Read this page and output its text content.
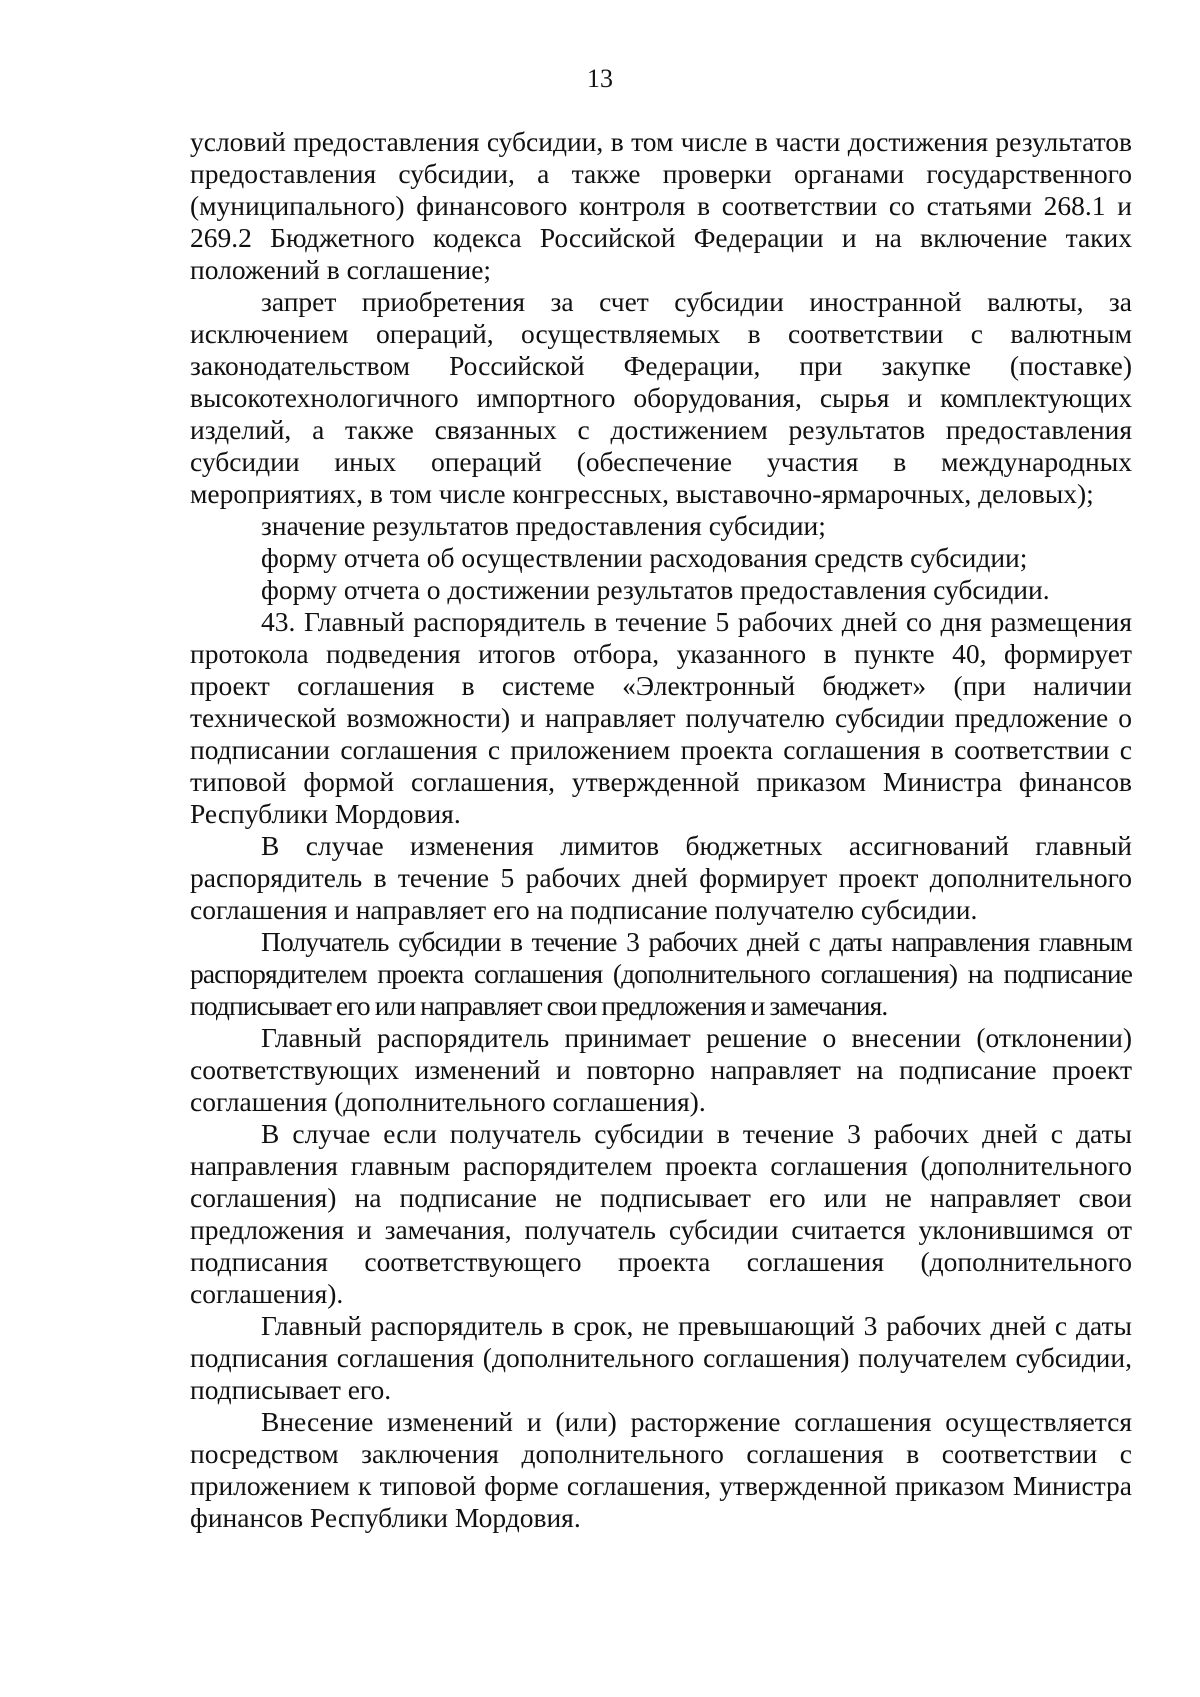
13

условий предоставления субсидии, в том числе в части достижения результатов предоставления субсидии, а также проверки органами государственного (муниципального) финансового контроля в соответствии со статьями 268.1 и 269.2 Бюджетного кодекса Российской Федерации и на включение таких положений в соглашение;

запрет приобретения за счет субсидии иностранной валюты, за исключением операций, осуществляемых в соответствии с валютным законодательством Российской Федерации, при закупке (поставке) высокотехнологичного импортного оборудования, сырья и комплектующих изделий, а также связанных с достижением результатов предоставления субсидии иных операций (обеспечение участия в международных мероприятиях, в том числе конгрессных, выставочно-ярмарочных, деловых);

значение результатов предоставления субсидии;

форму отчета об осуществлении расходования средств субсидии;

форму отчета о достижении результатов предоставления субсидии.

43. Главный распорядитель в течение 5 рабочих дней со дня размещения протокола подведения итогов отбора, указанного в пункте 40, формирует проект соглашения в системе «Электронный бюджет» (при наличии технической возможности) и направляет получателю субсидии предложение о подписании соглашения с приложением проекта соглашения в соответствии с типовой формой соглашения, утвержденной приказом Министра финансов Республики Мордовия.

В случае изменения лимитов бюджетных ассигнований главный распорядитель в течение 5 рабочих дней формирует проект дополнительного соглашения и направляет его на подписание получателю субсидии.

Получатель субсидии в течение 3 рабочих дней с даты направления главным распорядителем проекта соглашения (дополнительного соглашения) на подписание подписывает его или направляет свои предложения и замечания.

Главный распорядитель принимает решение о внесении (отклонении) соответствующих изменений и повторно направляет на подписание проект соглашения (дополнительного соглашения).

В случае если получатель субсидии в течение 3 рабочих дней с даты направления главным распорядителем проекта соглашения (дополнительного соглашения) на подписание не подписывает его или не направляет свои предложения и замечания, получатель субсидии считается уклонившимся от подписания соответствующего проекта соглашения (дополнительного соглашения).

Главный распорядитель в срок, не превышающий 3 рабочих дней с даты подписания соглашения (дополнительного соглашения) получателем субсидии, подписывает его.

Внесение изменений и (или) расторжение соглашения осуществляется посредством заключения дополнительного соглашения в соответствии с приложением к типовой форме соглашения, утвержденной приказом Министра финансов Республики Мордовия.
